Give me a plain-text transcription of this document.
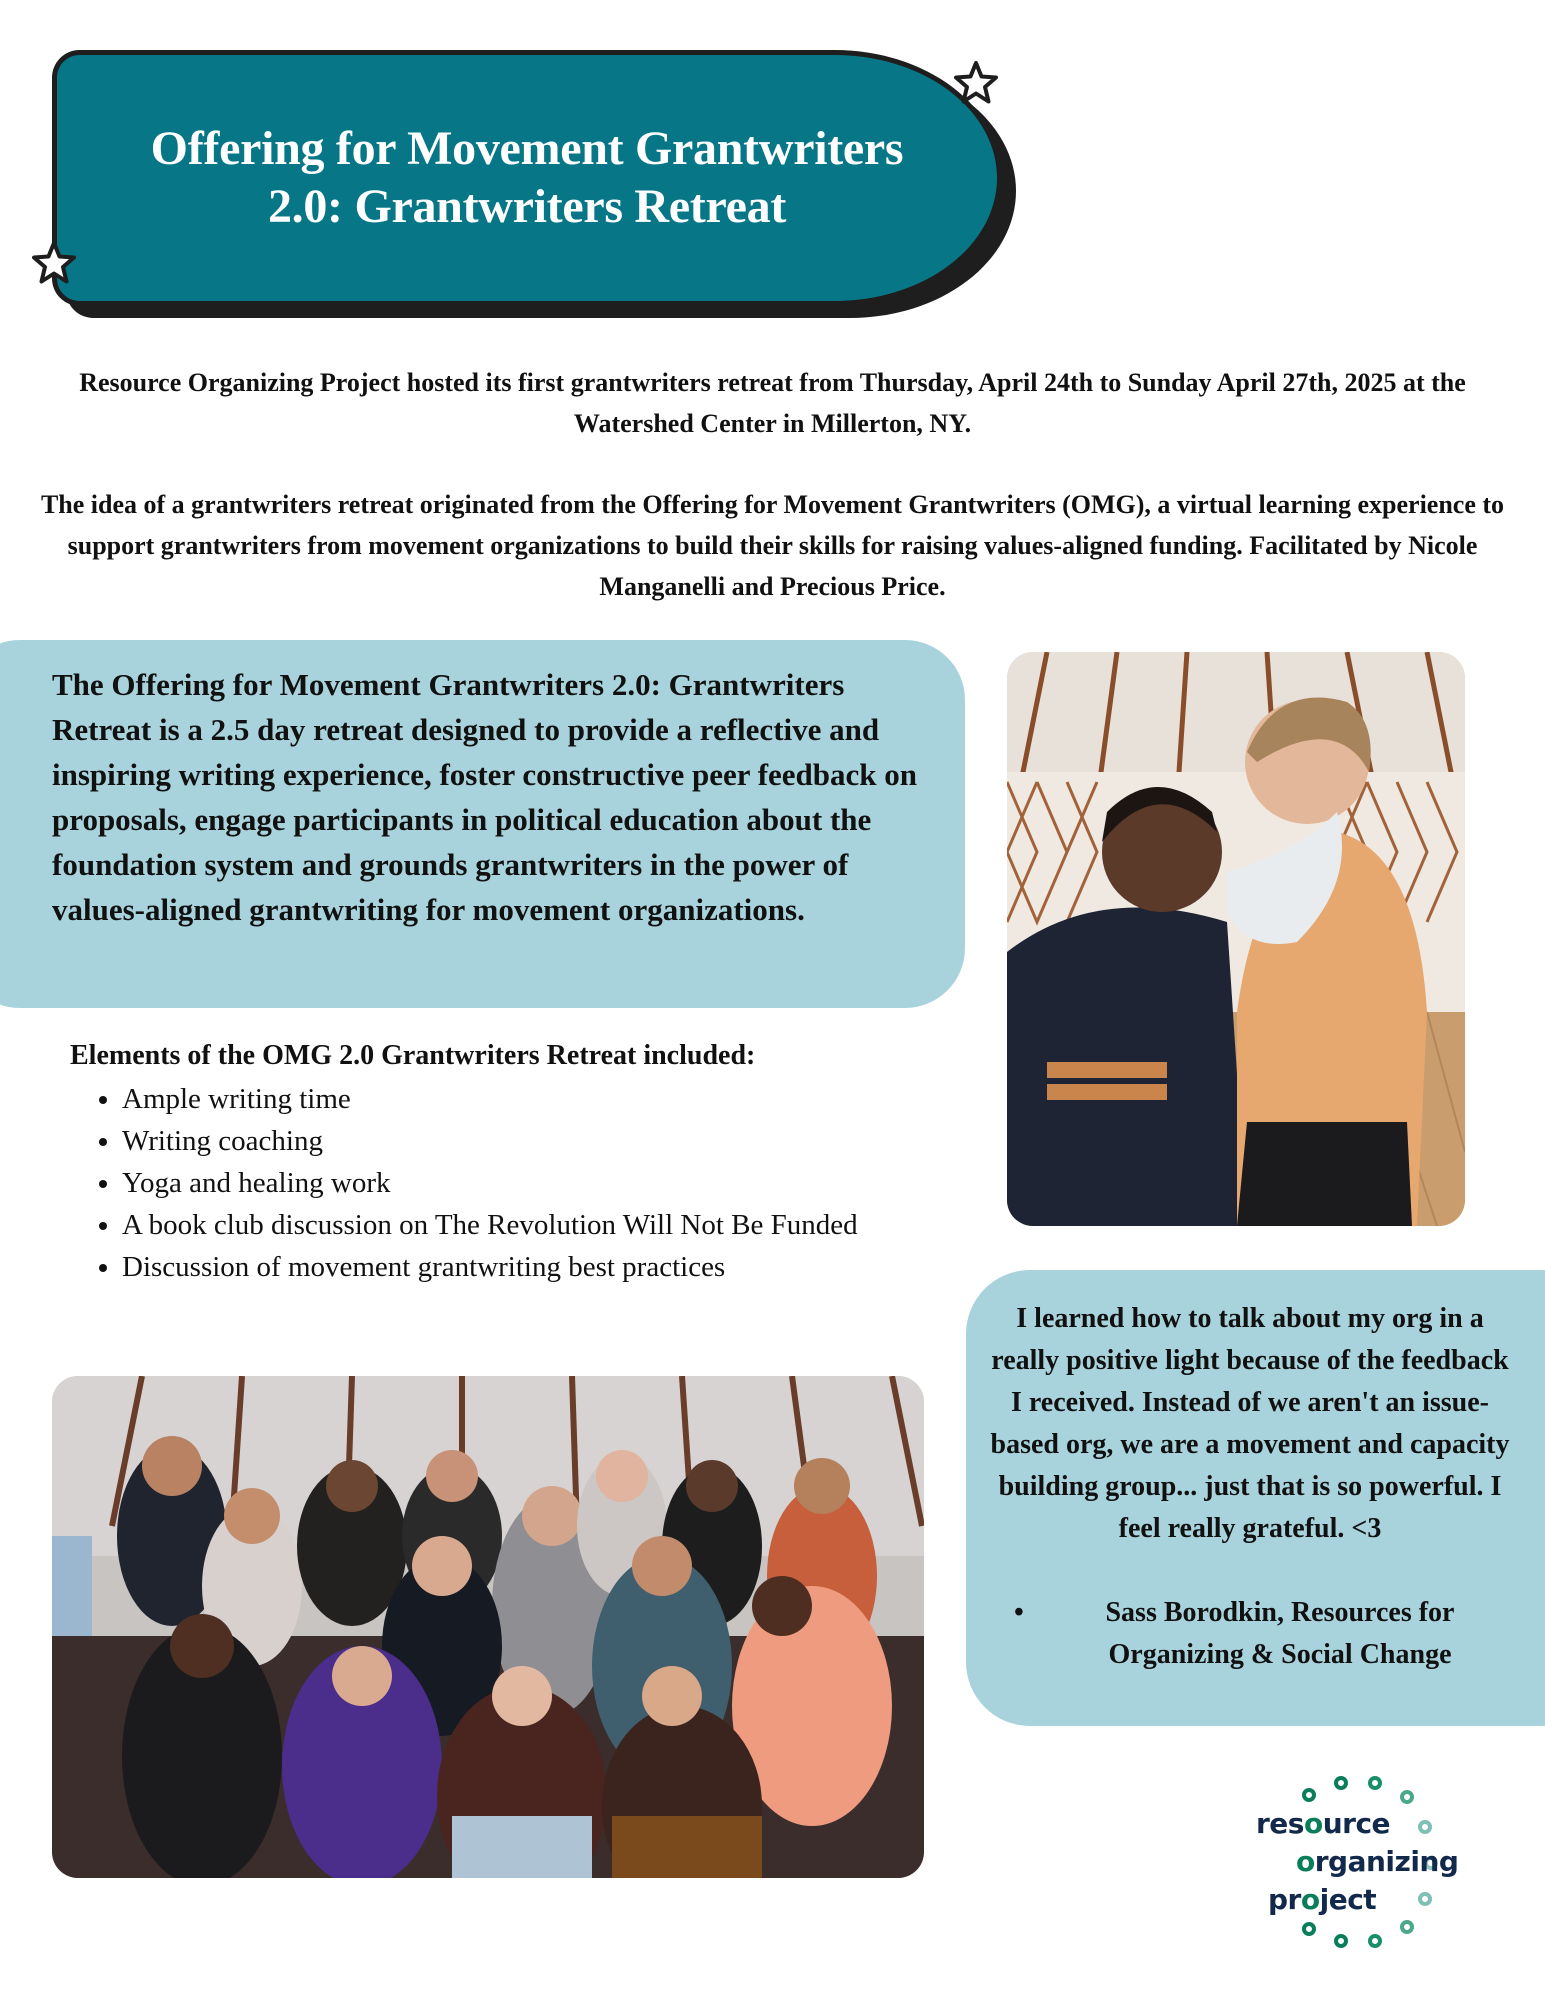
Offering for Movement Grantwriters 2.0: Grantwriters Retreat

Resource Organizing Project hosted its first grantwriters retreat from Thursday, April 24th to Sunday April 27th, 2025 at the Watershed Center in Millerton, NY.

The idea of a grantwriters retreat originated from the Offering for Movement Grantwriters (OMG), a virtual learning experience to support grantwriters from movement organizations to build their skills for raising values-aligned funding. Facilitated by Nicole Manganelli and Precious Price.

The Offering for Movement Grantwriters 2.0: Grantwriters Retreat is a 2.5 day retreat designed to provide a reflective and inspiring writing experience, foster constructive peer feedback on proposals, engage participants in political education about the foundation system and grounds grantwriters in the power of values-aligned grantwriting for movement organizations.

Elements of the OMG 2.0 Grantwriters Retreat included:

• Ample writing time
• Writing coaching
• Yoga and healing work
• A book club discussion on The Revolution Will Not Be Funded
• Discussion of movement grantwriting best practices

I learned how to talk about my org in a really positive light because of the feedback I received. Instead of we aren't an issue-based org, we are a movement and capacity building group... just that is so powerful. I feel really grateful. <3

•	Sass Borodkin, Resources for Organizing & Social Change
resource
organizing
project
